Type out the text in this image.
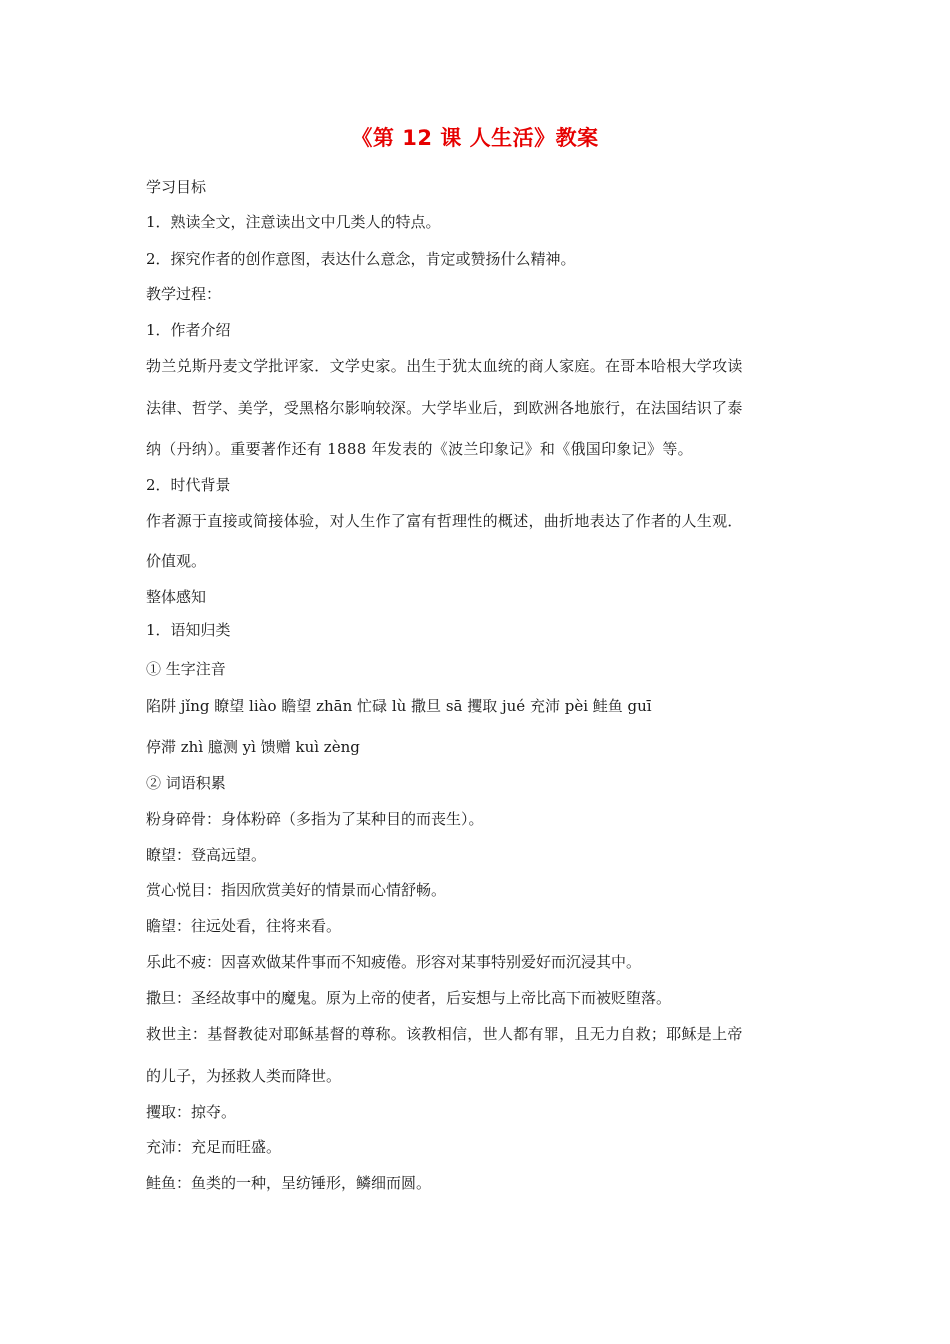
《第 12 课 人生活》教案
学习目标
1．熟读全文，注意读出文中几类人的特点。
2．探究作者的创作意图，表达什么意念，肯定或赞扬什么精神。
教学过程：
1．作者介绍
勃兰兑斯丹麦文学批评家．文学史家。出生于犹太血统的商人家庭。在哥本哈根大学攻读
法律、哲学、美学，受黑格尔影响较深。大学毕业后，到欧洲各地旅行，在法国结识了泰
纳（丹纳）。重要著作还有 1888 年发表的《波兰印象记》和《俄国印象记》等。
2．时代背景
作者源于直接或简接体验，对人生作了富有哲理性的概述，曲折地表达了作者的人生观．
价值观。
整体感知
1．语知归类
① 生字注音
陷阱 jǐng 瞭望 liào 瞻望 zhān 忙碌 lù 撒旦 sā 攫取 jué 充沛 pèi 鲑鱼 guī
停滞 zhì 臆测 yì 馈赠 kuì zèng
② 词语积累
粉身碎骨：身体粉碎（多指为了某种目的而丧生）。
瞭望：登高远望。
赏心悦目：指因欣赏美好的情景而心情舒畅。
瞻望：往远处看，往将来看。
乐此不疲：因喜欢做某件事而不知疲倦。形容对某事特别爱好而沉浸其中。
撒旦：圣经故事中的魔鬼。原为上帝的使者，后妄想与上帝比高下而被贬堕落。
救世主：基督教徒对耶稣基督的尊称。该教相信，世人都有罪，且无力自救；耶稣是上帝
的儿子，为拯救人类而降世。
攫取：掠夺。
充沛：充足而旺盛。
鲑鱼：鱼类的一种，呈纺锤形，鳞细而圆。
